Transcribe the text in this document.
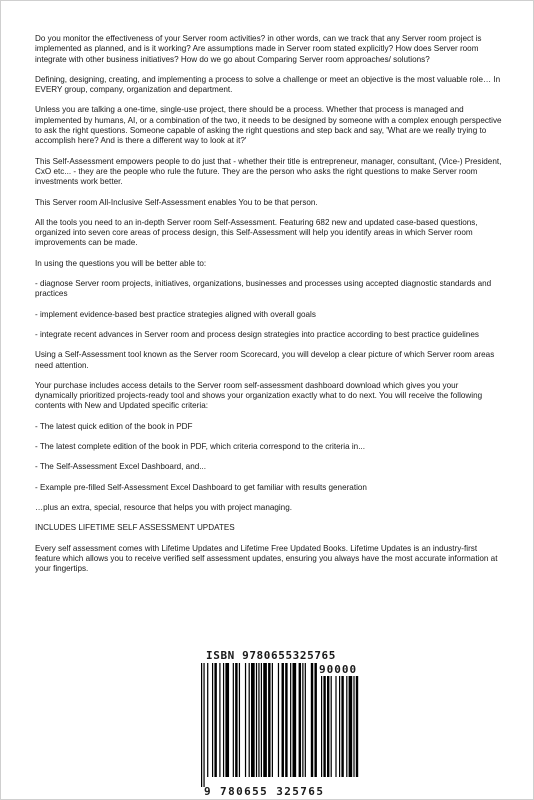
Do you monitor the effectiveness of your Server room activities? in other words, can we track that any Server room project is implemented as planned, and is it working? Are assumptions made in Server room stated explicitly? How does Server room integrate with other business initiatives? How do we go about Comparing Server room approaches/ solutions?

Defining, designing, creating, and implementing a process to solve a challenge or meet an objective is the most valuable role… In EVERY group, company, organization and department.

Unless you are talking a one-time, single-use project, there should be a process. Whether that process is managed and implemented by humans, AI, or a combination of the two, it needs to be designed by someone with a complex enough perspective to ask the right questions. Someone capable of asking the right questions and step back and say, 'What are we really trying to accomplish here? And is there a different way to look at it?'

This Self-Assessment empowers people to do just that - whether their title is entrepreneur, manager, consultant, (Vice-) President, CxO etc... - they are the people who rule the future. They are the person who asks the right questions to make Server room investments work better.

This Server room All-Inclusive Self-Assessment enables You to be that person.

All the tools you need to an in-depth Server room Self-Assessment. Featuring 682 new and updated case-based questions, organized into seven core areas of process design, this Self-Assessment will help you identify areas in which Server room improvements can be made.

In using the questions you will be better able to:

- diagnose Server room projects, initiatives, organizations, businesses and processes using accepted diagnostic standards and practices

- implement evidence-based best practice strategies aligned with overall goals

- integrate recent advances in Server room and process design strategies into practice according to best practice guidelines

Using a Self-Assessment tool known as the Server room Scorecard, you will develop a clear picture of which Server room areas need attention.

Your purchase includes access details to the Server room self-assessment dashboard download which gives you your dynamically prioritized projects-ready tool and shows your organization exactly what to do next. You will receive the following contents with New and Updated specific criteria:

- The latest quick edition of the book in PDF

- The latest complete edition of the book in PDF, which criteria correspond to the criteria in...

- The Self-Assessment Excel Dashboard, and...

- Example pre-filled Self-Assessment Excel Dashboard to get familiar with results generation

…plus an extra, special, resource that helps you with project managing.

INCLUDES LIFETIME SELF ASSESSMENT UPDATES

Every self assessment comes with Lifetime Updates and Lifetime Free Updated Books. Lifetime Updates is an industry-first feature which allows you to receive verified self assessment updates, ensuring you always have the most accurate information at your fingertips.

ISBN 9780655325765
90000
9 780655 325765
